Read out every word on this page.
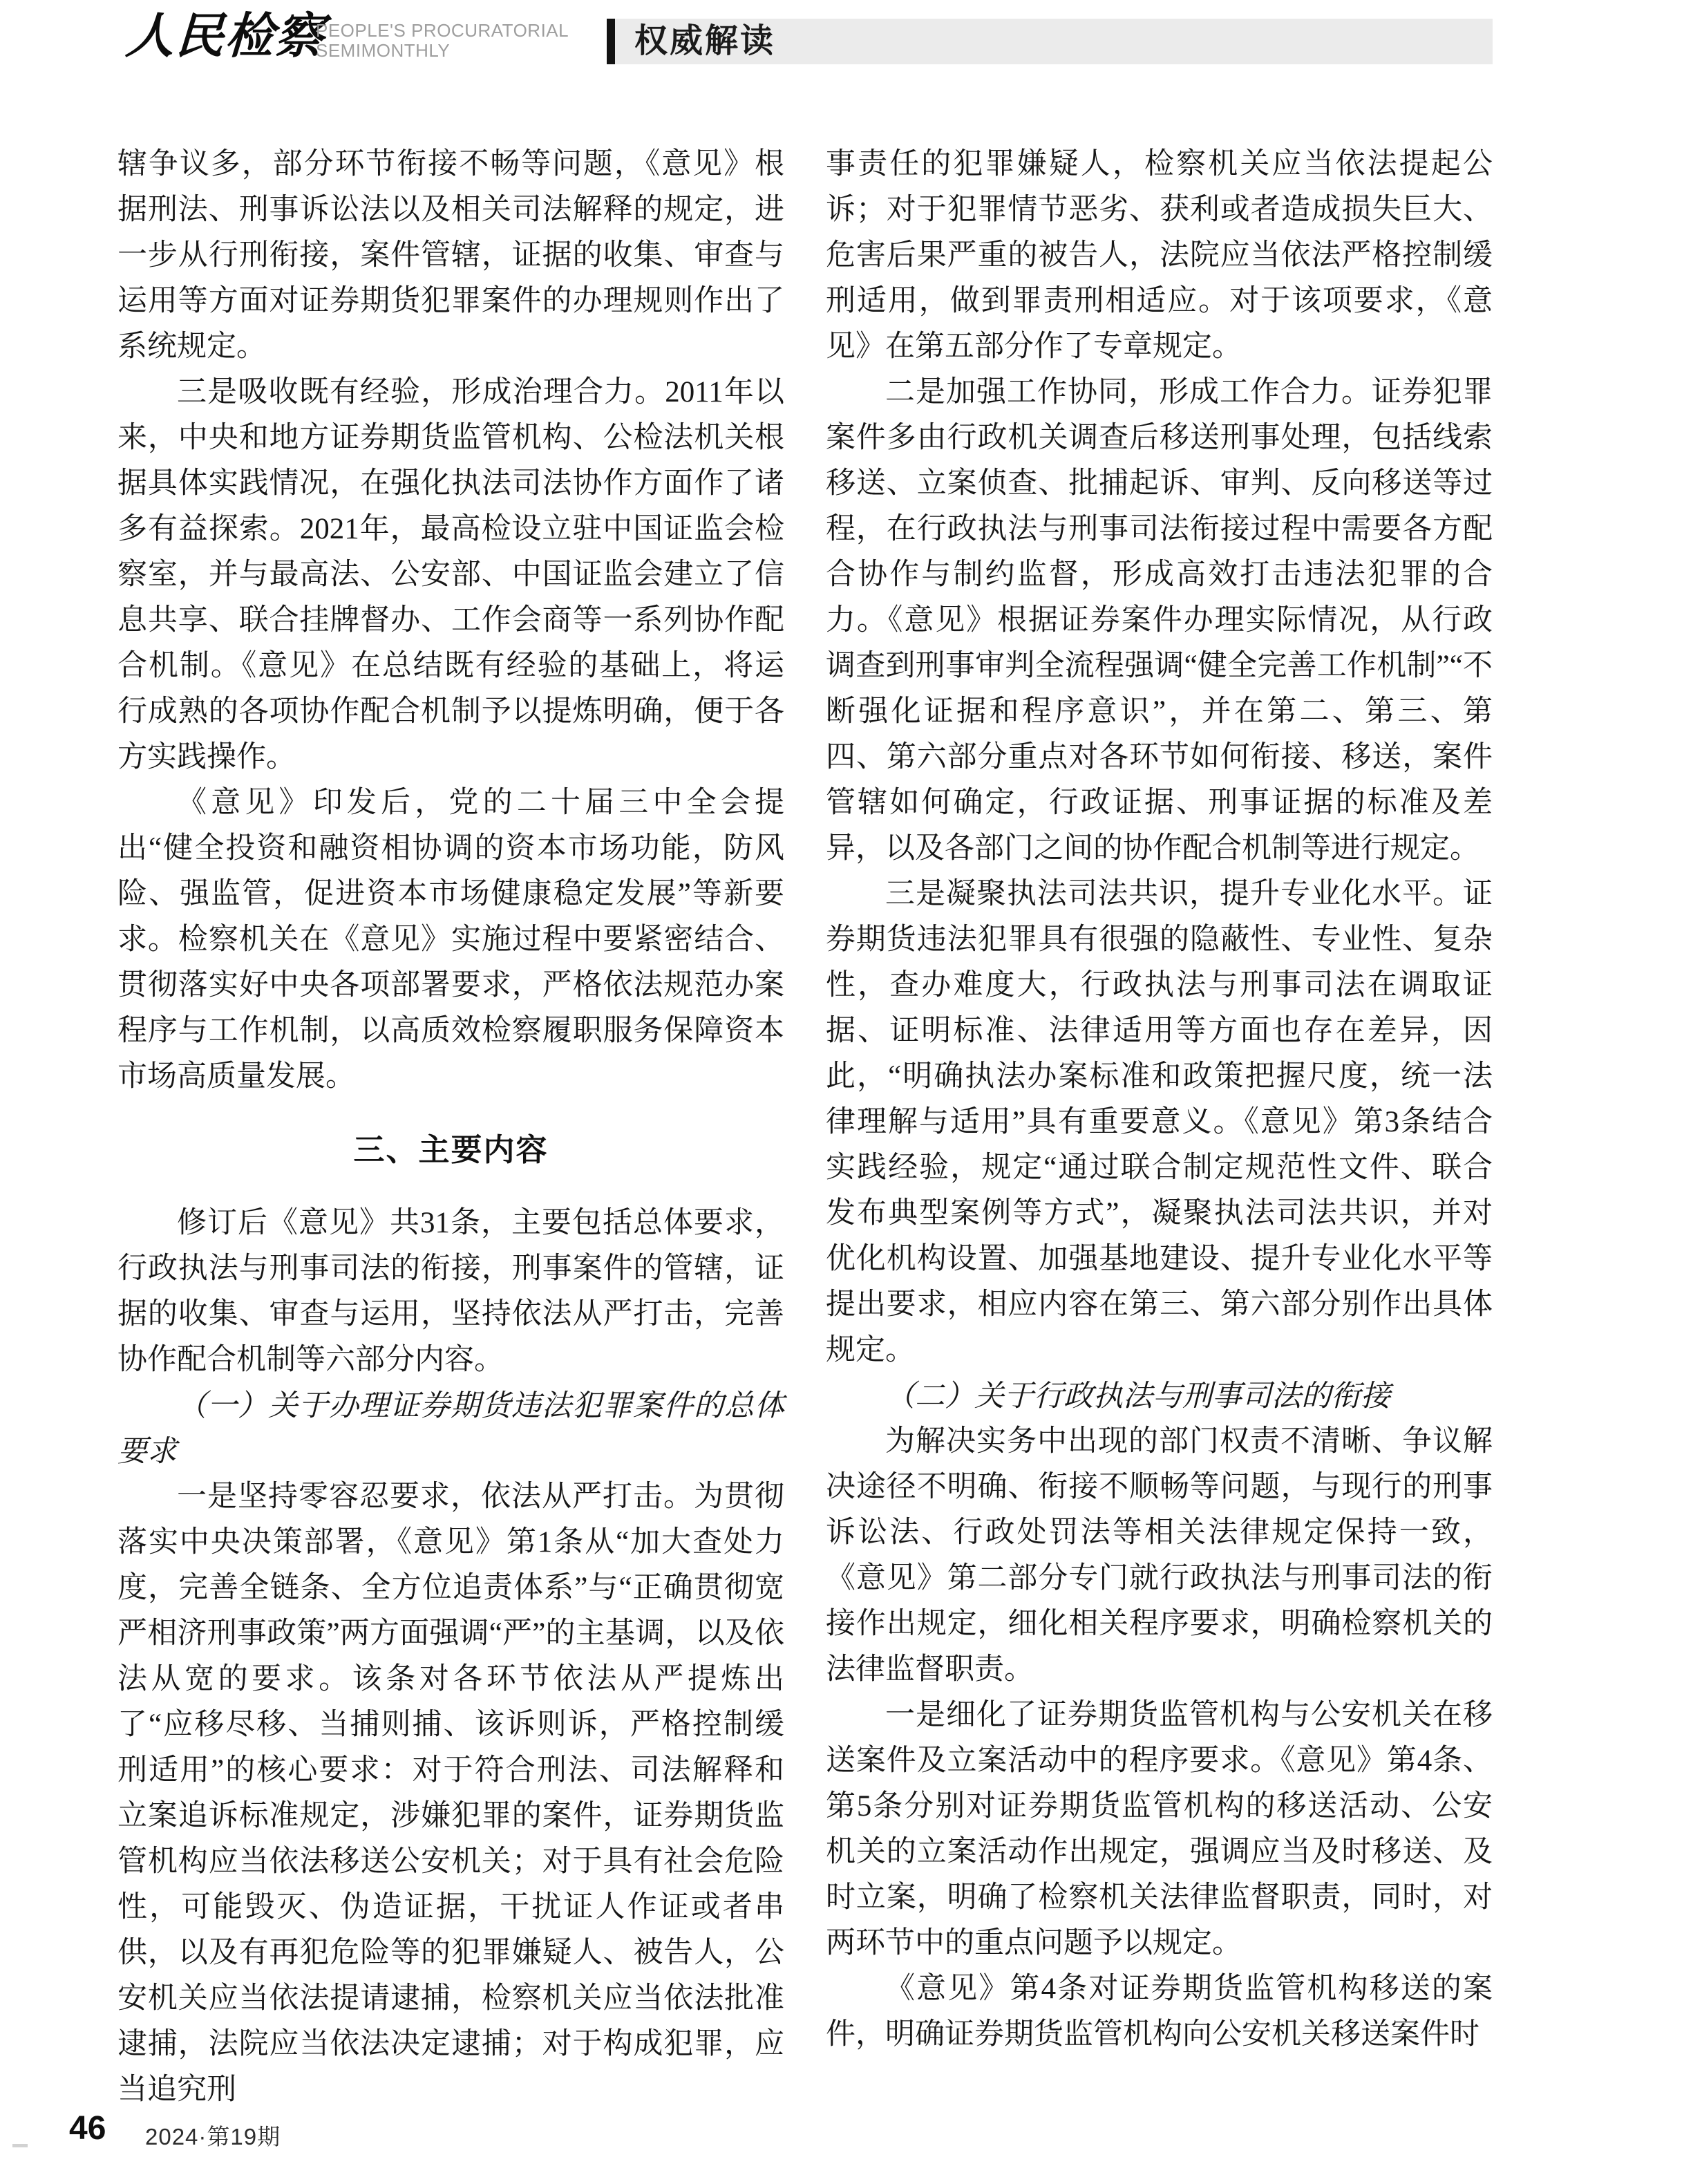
人民检察
PEOPLE'S PROCURATORIAL
SEMIMONTHLY	权威解读

辖争议多，部分环节衔接不畅等问题，《意见》根据刑法、刑事诉讼法以及相关司法解释的规定，进一步从行刑衔接，案件管辖，证据的收集、审查与运用等方面对证券期货犯罪案件的办理规则作出了系统规定。

三是吸收既有经验，形成治理合力。2011年以来，中央和地方证券期货监管机构、公检法机关根据具体实践情况，在强化执法司法协作方面作了诸多有益探索。2021年，最高检设立驻中国证监会检察室，并与最高法、公安部、中国证监会建立了信息共享、联合挂牌督办、工作会商等一系列协作配合机制。《意见》在总结既有经验的基础上，将运行成熟的各项协作配合机制予以提炼明确，便于各方实践操作。

《意见》印发后，党的二十届三中全会提出“健全投资和融资相协调的资本市场功能，防风险、强监管，促进资本市场健康稳定发展”等新要求。检察机关在《意见》实施过程中要紧密结合、贯彻落实好中央各项部署要求，严格依法规范办案程序与工作机制，以高质效检察履职服务保障资本市场高质量发展。

三、主要内容

修订后《意见》共31条，主要包括总体要求，行政执法与刑事司法的衔接，刑事案件的管辖，证据的收集、审查与运用，坚持依法从严打击，完善协作配合机制等六部分内容。

（一）关于办理证券期货违法犯罪案件的总体要求

一是坚持零容忍要求，依法从严打击。为贯彻落实中央决策部署，《意见》第1条从“加大查处力度，完善全链条、全方位追责体系”与“正确贯彻宽严相济刑事政策”两方面强调“严”的主基调，以及依法从宽的要求。该条对各环节依法从严提炼出了“应移尽移、当捕则捕、该诉则诉，严格控制缓刑适用”的核心要求：对于符合刑法、司法解释和立案追诉标准规定，涉嫌犯罪的案件，证券期货监管机构应当依法移送公安机关；对于具有社会危险性，可能毁灭、伪造证据，干扰证人作证或者串供，以及有再犯危险等的犯罪嫌疑人、被告人，公安机关应当依法提请逮捕，检察机关应当依法批准逮捕，法院应当依法决定逮捕；对于构成犯罪，应当追究刑

事责任的犯罪嫌疑人，检察机关应当依法提起公诉；对于犯罪情节恶劣、获利或者造成损失巨大、危害后果严重的被告人，法院应当依法严格控制缓刑适用，做到罪责刑相适应。对于该项要求，《意见》在第五部分作了专章规定。

二是加强工作协同，形成工作合力。证券犯罪案件多由行政机关调查后移送刑事处理，包括线索移送、立案侦查、批捕起诉、审判、反向移送等过程，在行政执法与刑事司法衔接过程中需要各方配合协作与制约监督，形成高效打击违法犯罪的合力。《意见》根据证券案件办理实际情况，从行政调查到刑事审判全流程强调“健全完善工作机制”“不断强化证据和程序意识”，并在第二、第三、第四、第六部分重点对各环节如何衔接、移送，案件管辖如何确定，行政证据、刑事证据的标准及差异，以及各部门之间的协作配合机制等进行规定。

三是凝聚执法司法共识，提升专业化水平。证券期货违法犯罪具有很强的隐蔽性、专业性、复杂性，查办难度大，行政执法与刑事司法在调取证据、证明标准、法律适用等方面也存在差异，因此，“明确执法办案标准和政策把握尺度，统一法律理解与适用”具有重要意义。《意见》第3条结合实践经验，规定“通过联合制定规范性文件、联合发布典型案例等方式”，凝聚执法司法共识，并对优化机构设置、加强基地建设、提升专业化水平等提出要求，相应内容在第三、第六部分别作出具体规定。

（二）关于行政执法与刑事司法的衔接

为解决实务中出现的部门权责不清晰、争议解决途径不明确、衔接不顺畅等问题，与现行的刑事诉讼法、行政处罚法等相关法律规定保持一致，《意见》第二部分专门就行政执法与刑事司法的衔接作出规定，细化相关程序要求，明确检察机关的法律监督职责。

一是细化了证券期货监管机构与公安机关在移送案件及立案活动中的程序要求。《意见》第4条、第5条分别对证券期货监管机构的移送活动、公安机关的立案活动作出规定，强调应当及时移送、及时立案，明确了检察机关法律监督职责，同时，对两环节中的重点问题予以规定。

《意见》第4条对证券期货监管机构移送的案件，明确证券期货监管机构向公安机关移送案件时

46 2024·第19期
